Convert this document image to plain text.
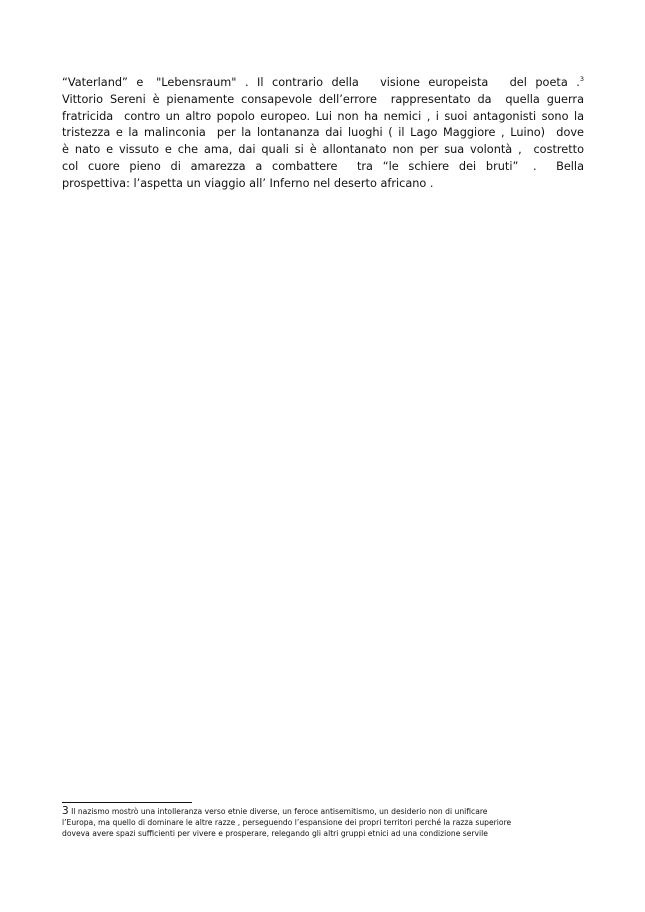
“Vaterland”  e   "Lebensraum"  .  Il  contrario  della     visione  europeista     del  poeta  .$^3$
Vittorio Sereni è pienamente consapevole dell’errore  rappresentato da  quella guerra
fratricida  contro un altro popolo europeo. Lui non ha nemici , i suoi antagonisti sono la
tristezza e la malinconia  per la lontananza dai luoghi ( il Lago Maggiore , Luino)  dove
è nato e vissuto e che ama, dai quali si è allontanato non per sua volontà ,  costretto
col  cuore  pieno  di  amarezza  a  combattere    tra  “le  schiere  dei  bruti”   .    Bella
prospettiva: l’aspetta un viaggio all’ Inferno nel deserto africano .
3 Il nazismo mostrò una intolleranza verso etnie diverse, un feroce antisemitismo, un desiderio non di unificare
l’Europa, ma quello di dominare le altre razze , perseguendo l’espansione dei propri territori perché la razza superiore
doveva avere spazi sufficienti per vivere e prosperare, relegando gli altri gruppi etnici ad una condizione servile
